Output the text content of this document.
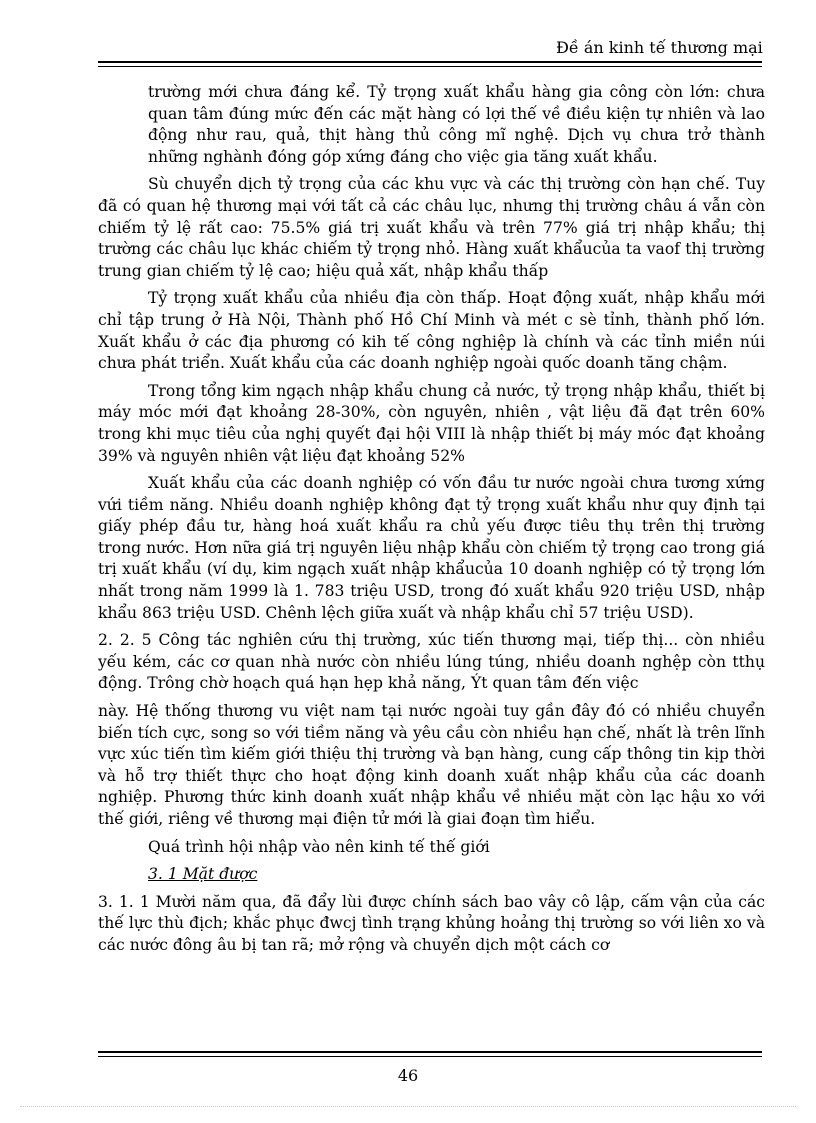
Đề án kinh tế thương mại

trường mới chưa đáng kể. Tỷ trọng xuất khẩu hàng gia công còn lớn: chưa quan tâm đúng mức đến các mặt hàng có lợi thế về điều kiện tự nhiên và lao động như rau, quả, thịt hàng thủ công mĩ nghệ. Dịch vụ chưa trở thành những nghành đóng góp xứng đáng cho việc gia tăng xuất khẩu.

Sù chuyển dịch tỷ trọng của các khu vực và các thị trường còn hạn chế. Tuy đã có quan hệ thương mại với tất cả các châu lục, nhưng thị trường châu á vẫn còn chiếm tỷ lệ rất cao: 75.5% giá trị xuất khẩu và trên 77% giá trị nhập khẩu; thị trường các châu lục khác chiếm tỷ trọng nhỏ. Hàng xuất khẩucủa ta vaof thị trường trung gian chiếm tỷ lệ cao; hiệu quả xất, nhập khẩu thấp

Tỷ trọng xuất khẩu của nhiều địa còn thấp. Hoạt động xuất, nhập khẩu mới chỉ tập trung ở Hà Nội, Thành phố Hồ Chí Minh và mét c sè tỉnh, thành phố lớn. Xuất khẩu ở các địa phương có kih tế công nghiệp là chính và các tỉnh miền núi chưa phát triển. Xuất khẩu của các doanh nghiệp ngoài quốc doanh tăng chậm.

Trong tổng kim ngạch nhập khẩu chung cả nước, tỷ trọng nhập khẩu, thiết bị máy móc mới đạt khoảng 28-30%, còn nguyên, nhiên , vật liệu đã đạt trên 60% trong khi mục tiêu của nghị quyết đại hội VIII là nhập thiết bị máy móc đạt khoảng 39% và nguyên nhiên vật liệu đạt khoảng 52%

Xuất khẩu của các doanh nghiệp có vốn đầu tư nước ngoài chưa tương xứng vứi tiềm năng. Nhiều doanh nghiệp không đạt tỷ trọng xuất khẩu như quy định tại giấy phép đầu tư, hàng hoá xuất khẩu ra chủ yếu được tiêu thụ trên thị trường trong nước. Hơn nữa giá trị nguyên liệu nhập khẩu còn chiếm tỷ trọng cao trong giá trị xuất khẩu (ví dụ, kim ngạch xuất nhập khẩucủa 10 doanh nghiệp có tỷ trọng lớn nhất trong năm 1999 là 1. 783 triệu USD, trong đó xuất khẩu 920 triệu USD, nhập khẩu 863 triệu USD. Chênh lệch giữa xuất và nhập khẩu chỉ 57 triệu USD).

2. 2. 5 Công tác nghiên cứu thị trường, xúc tiến thương mại, tiếp thị... còn nhiều yếu kém, các cơ quan nhà nước còn nhiều lúng túng, nhiều doanh nghệp còn tthụ động. Trông chờ hoạch quá hạn hẹp khả năng, Ýt quan tâm đến việc

này. Hệ thống thương vu việt nam tại nước ngoài tuy gần đây đó có nhiều chuyển biến tích cực, song so với tiềm năng và yêu cầu còn nhiều hạn chế, nhất là trên lĩnh vực xúc tiến tìm kiếm giới thiệu thị trường và bạn hàng, cung cấp thông tin kịp thời và hỗ trợ thiết thực cho hoạt động kinh doanh xuất nhập khẩu của các doanh nghiệp. Phương thức kinh doanh xuất nhập khẩu về nhiều mặt còn lạc hậu xo với thế giới, riêng về thương mại điện tử mới là giai đoạn tìm hiểu.

Quá trình hội nhập vào nên kinh tế thế giới

3. 1 Mặt được

3. 1. 1 Mười năm qua, đã đẩy lùi được chính sách bao vây cô lập, cấm vận của các thế lực thù địch; khắc phục đwcj tình trạng khủng hoảng thị trường so với liên xo và các nước đông âu bị tan rã; mở rộng và chuyển dịch một cách cơ

46
